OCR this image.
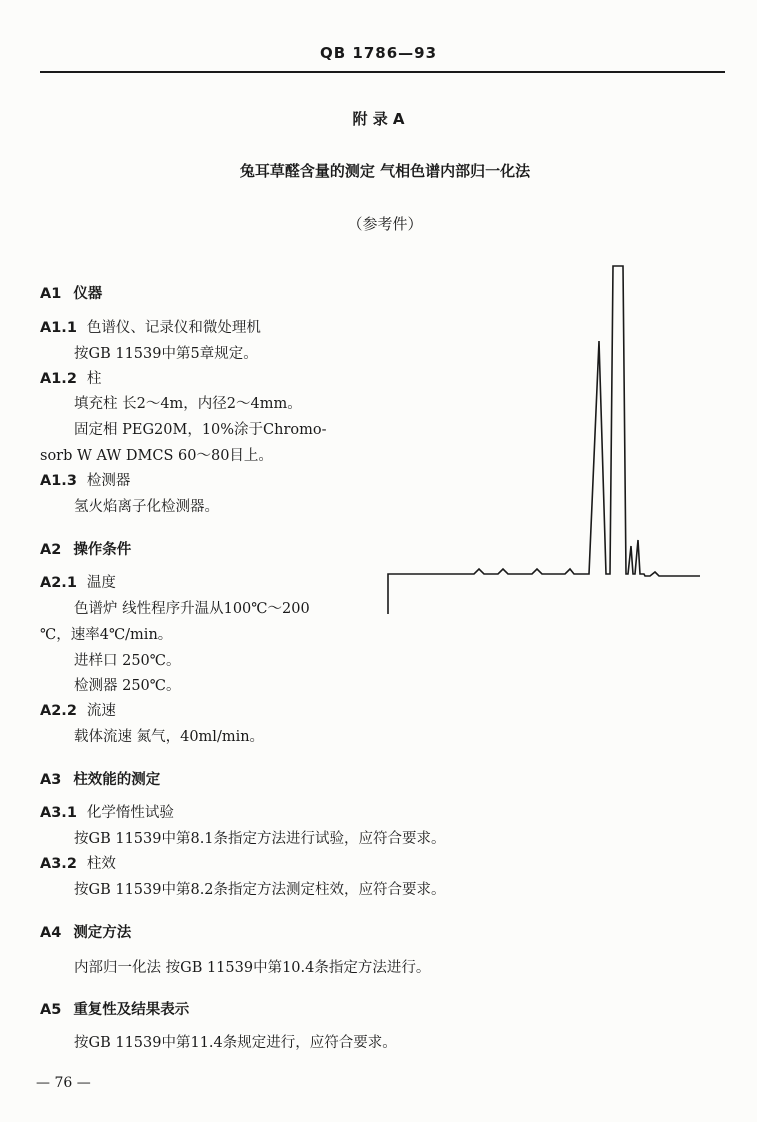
QB 1786—93
附 录 A
兔耳草醛含量的测定 气相色谱内部归一化法
（参考件）
A1 仪器
A1.1 色谱仪、记录仪和微处理机
按GB 11539中第5章规定。
A1.2 柱
填充柱 长2～4m，内径2～4mm。
固定相 PEG20M，10%涂于Chromo-
sorb W AW DMCS 60～80目上。
A1.3 检测器
氢火焰离子化检测器。
A2 操作条件
A2.1 温度
色谱炉 线性程序升温从100℃～200
℃，速率4℃/min。
进样口 250℃。
检测器 250℃。
A2.2 流速
载体流速 氮气，40ml/min。
A3 柱效能的测定
A3.1 化学惰性试验
按GB 11539中第8.1条指定方法进行试验，应符合要求。
A3.2 柱效
按GB 11539中第8.2条指定方法测定柱效，应符合要求。
A4 测定方法
内部归一化法 按GB 11539中第10.4条指定方法进行。
A5 重复性及结果表示
按GB 11539中第11.4条规定进行，应符合要求。
— 76 —
